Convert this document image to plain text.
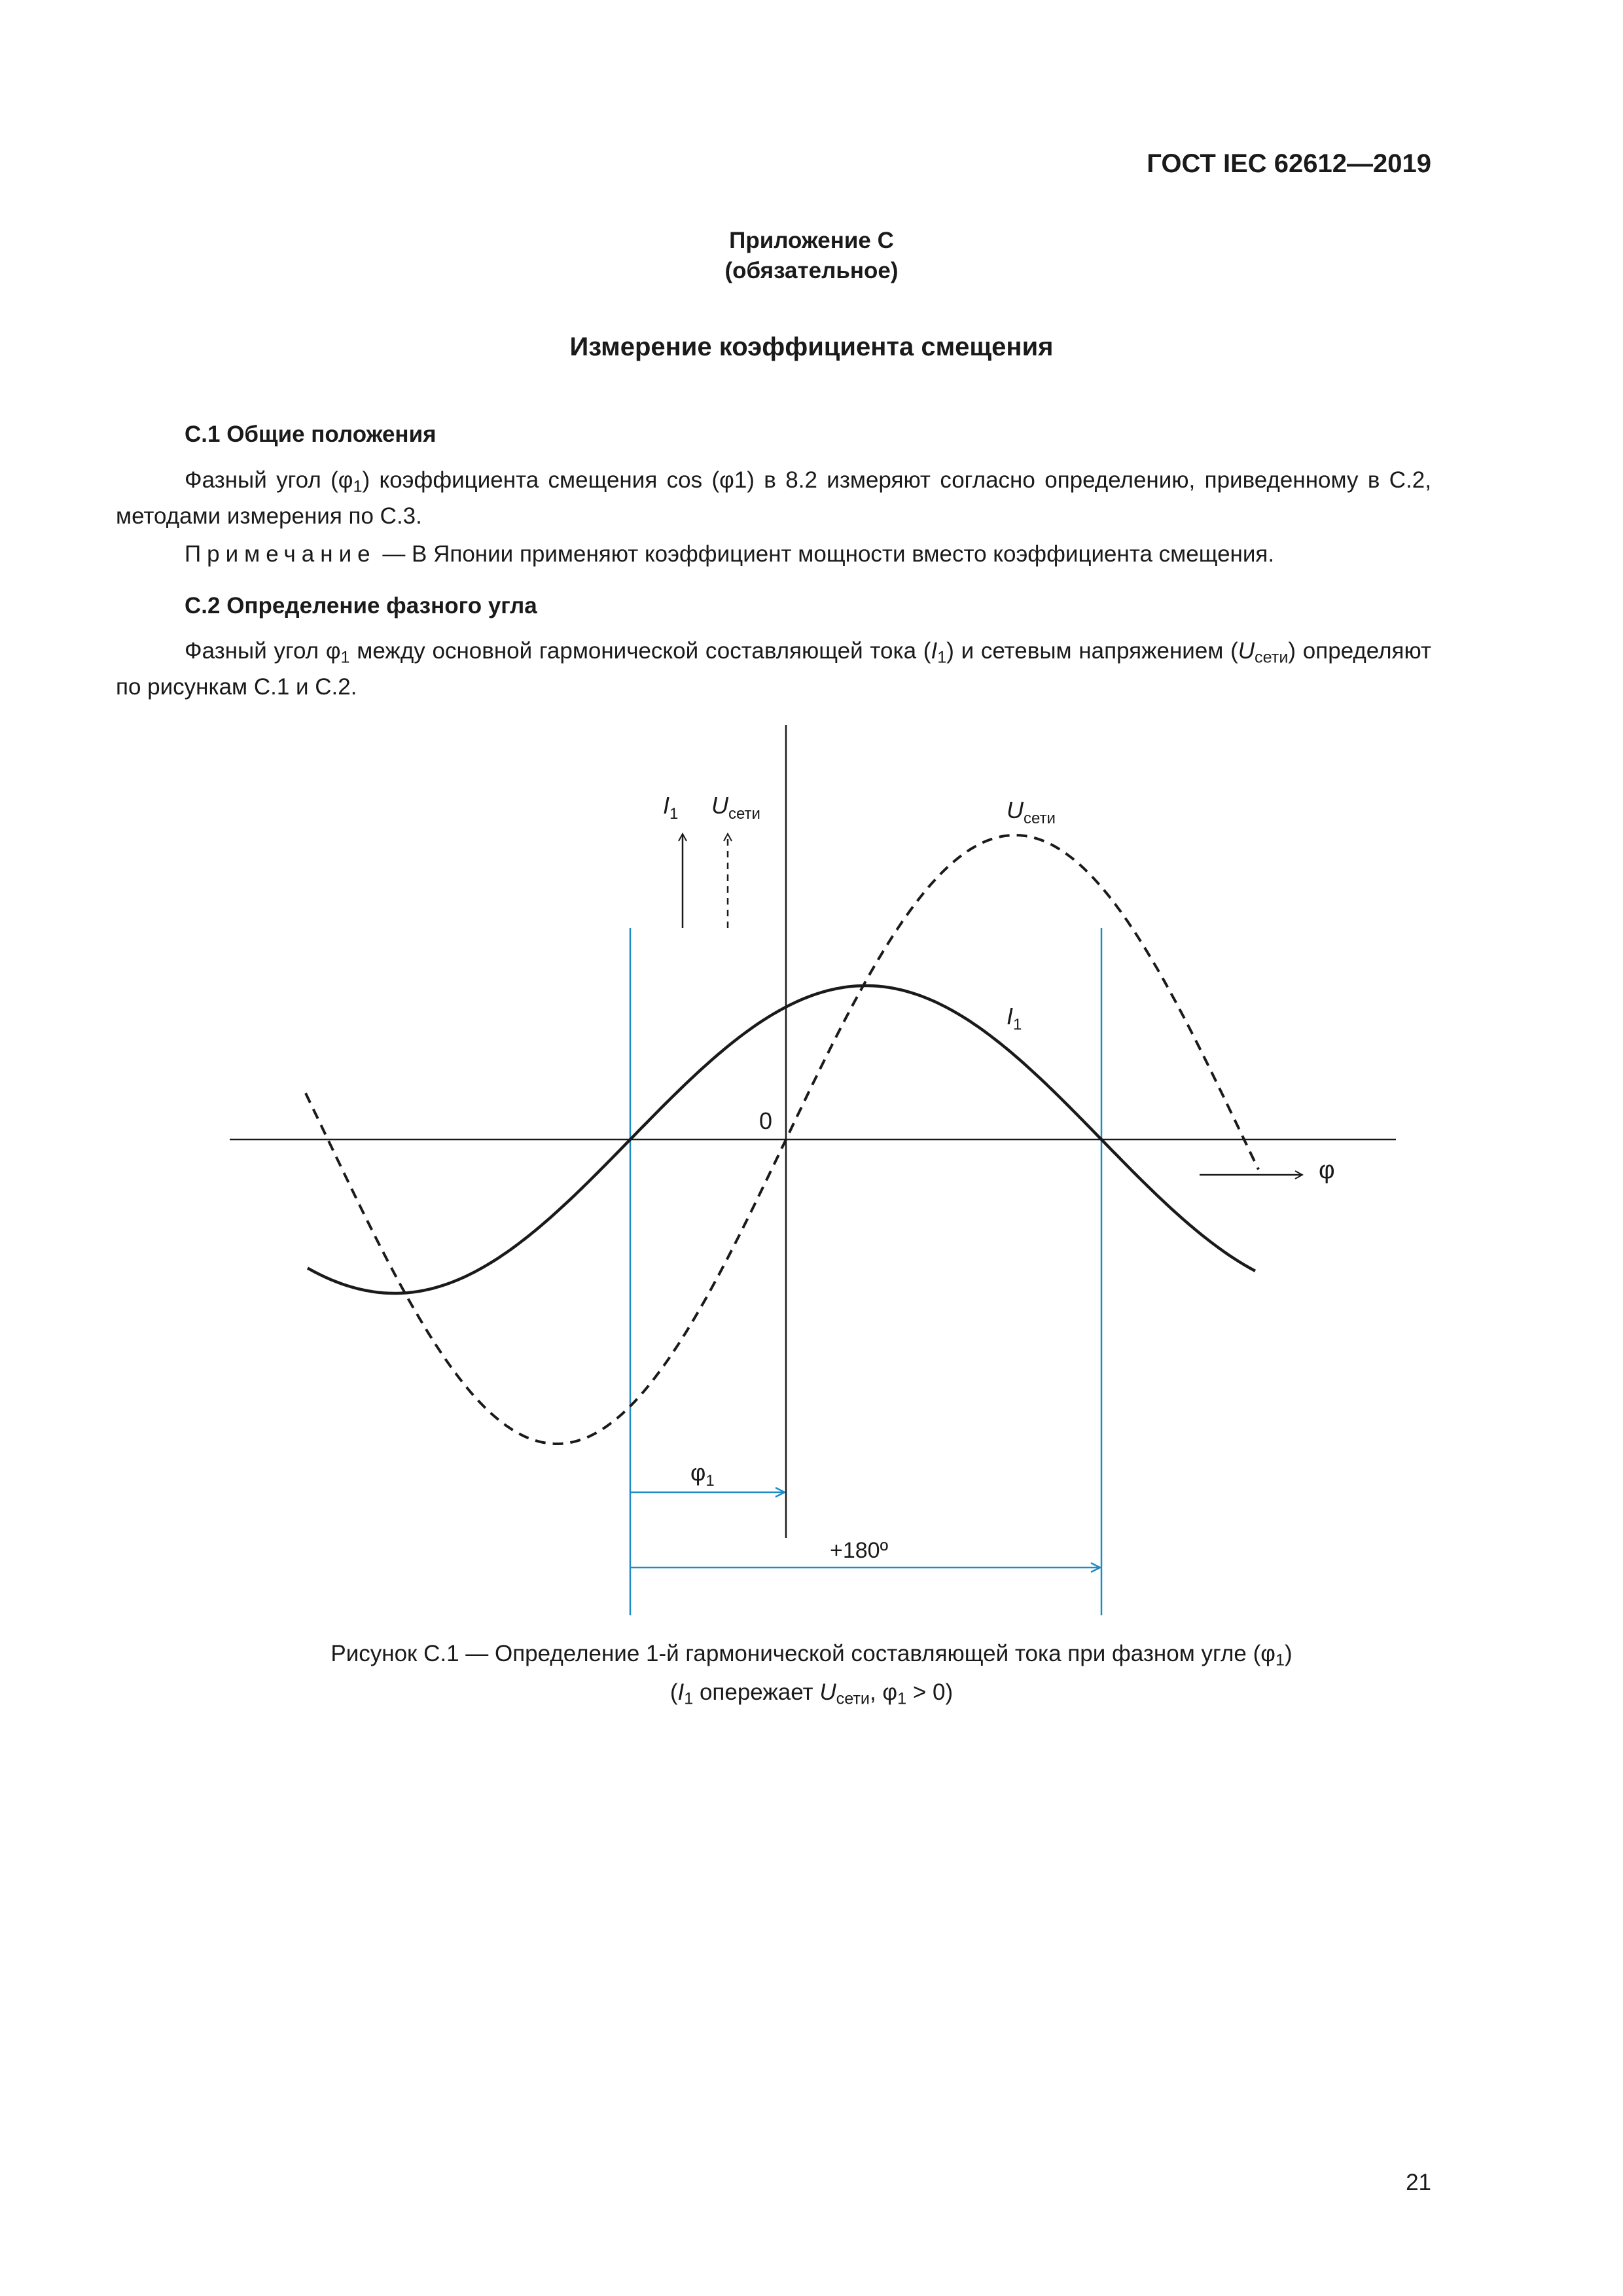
ГОСТ IEC 62612—2019
Приложение С
(обязательное)
Измерение коэффициента смещения
С.1 Общие положения
Фазный угол $(\varphi_1)$ коэффициента смещения cos (φ1) в 8.2 измеряют согласно определению, приведенному в С.2, методами измерения по С.3.
Примечание — В Японии применяют коэффициент мощности вместо коэффициента смещения.
С.2 Определение фазного угла
Фазный угол $\varphi_1$ между основной гармонической составляющей тока $(I_1)$ и сетевым напряжением $(U_{сети})$ определяют по рисункам С.1 и С.2.
$I_1$ $U_{сети}$	$U_{сети}$
$I_1$
0
φ
$\varphi_1$
+180º
Рисунок С.1 — Определение 1-й гармонической составляющей тока при фазном угле $(\varphi_1)$
($I_1$ опережает $U_{сети}$, $\varphi_1 > 0$)
21
